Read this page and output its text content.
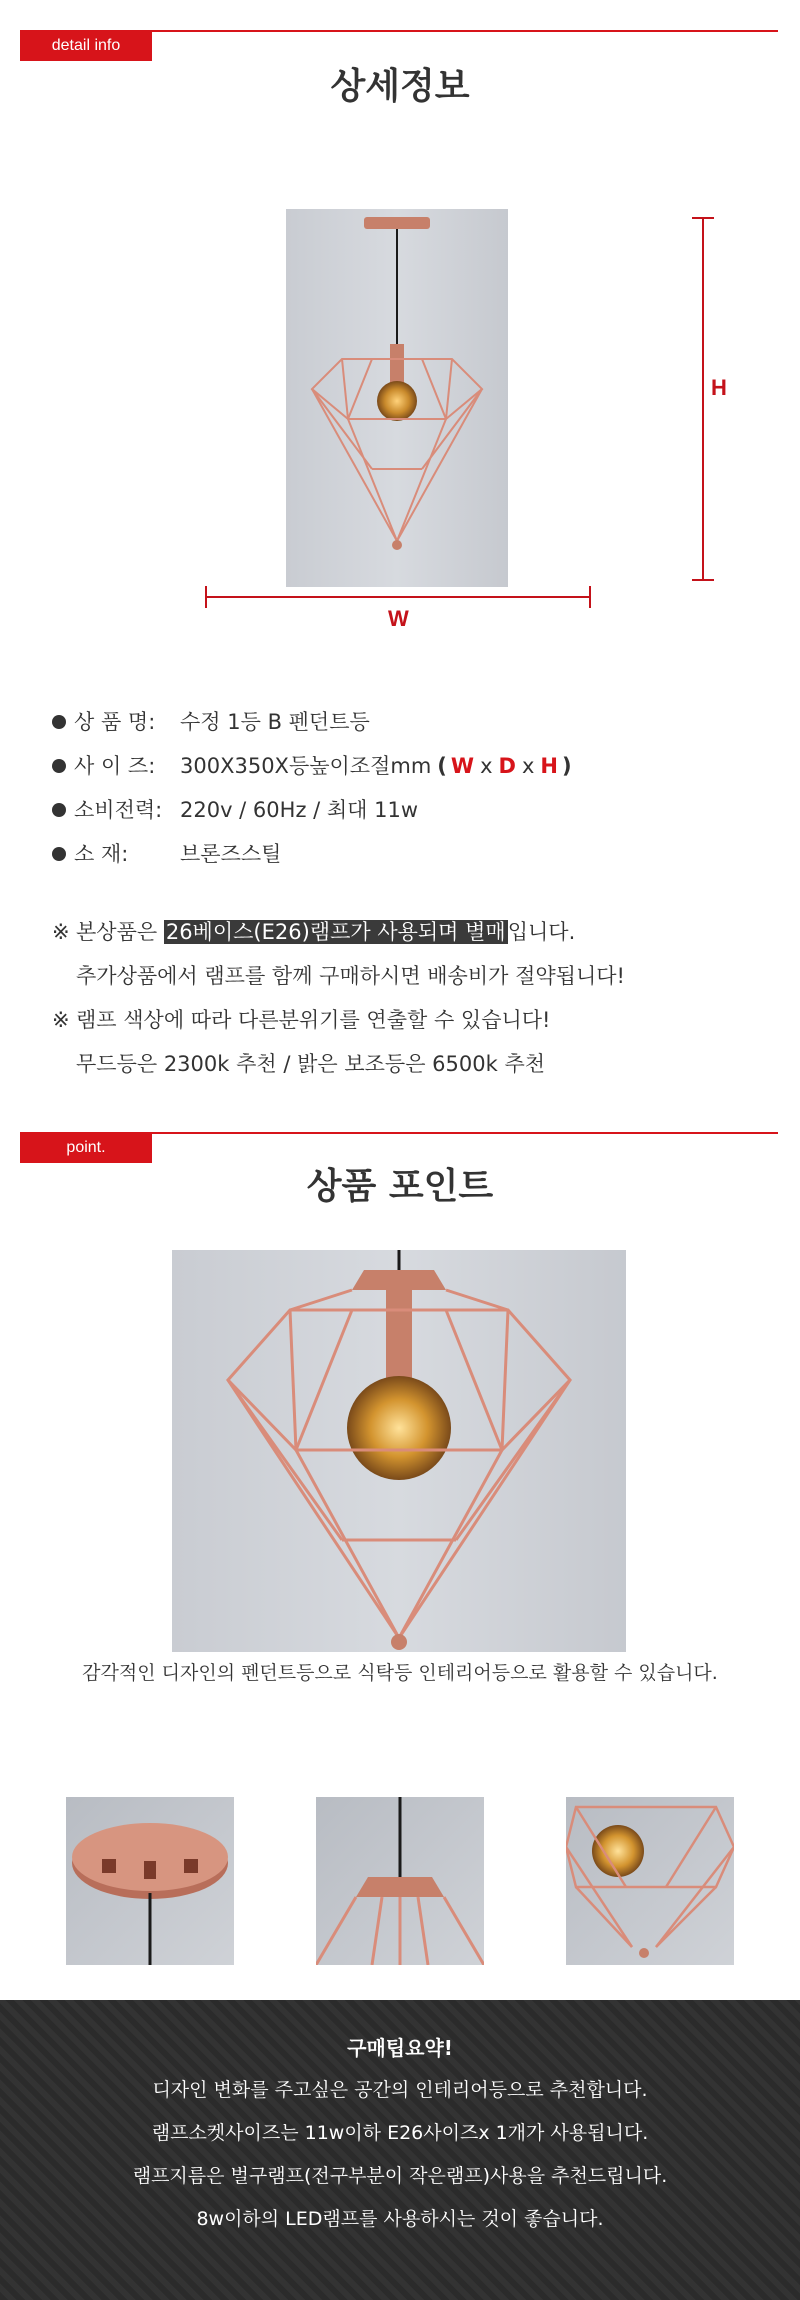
detail info
상세정보
H
W
상 품 명:	수정 1등 B 펜던트등
사 이 즈:	300X350X등높이조절mm ( W x D x H )
소비전력: 220v / 60Hz / 최대 11w
소 재:	브론즈스틸
※ 본상품은 26베이스(E26)램프가 사용되며 별매입니다.
추가상품에서 램프를 함께 구매하시면 배송비가 절약됩니다!
※ 램프 색상에 따라 다른분위기를 연출할 수 있습니다!
무드등은 2300k 추천 / 밝은 보조등은 6500k 추천
point.
상품 포인트
감각적인 디자인의 펜던트등으로 식탁등 인테리어등으로 활용할 수 있습니다.
구매팁요약!
디자인 변화를 주고싶은 공간의 인테리어등으로 추천합니다.
램프소켓사이즈는 11w이하 E26사이즈x 1개가 사용됩니다.
램프지름은 벌구램프(전구부분이 작은램프)사용을 추천드립니다.
8w이하의 LED램프를 사용하시는 것이 좋습니다.
